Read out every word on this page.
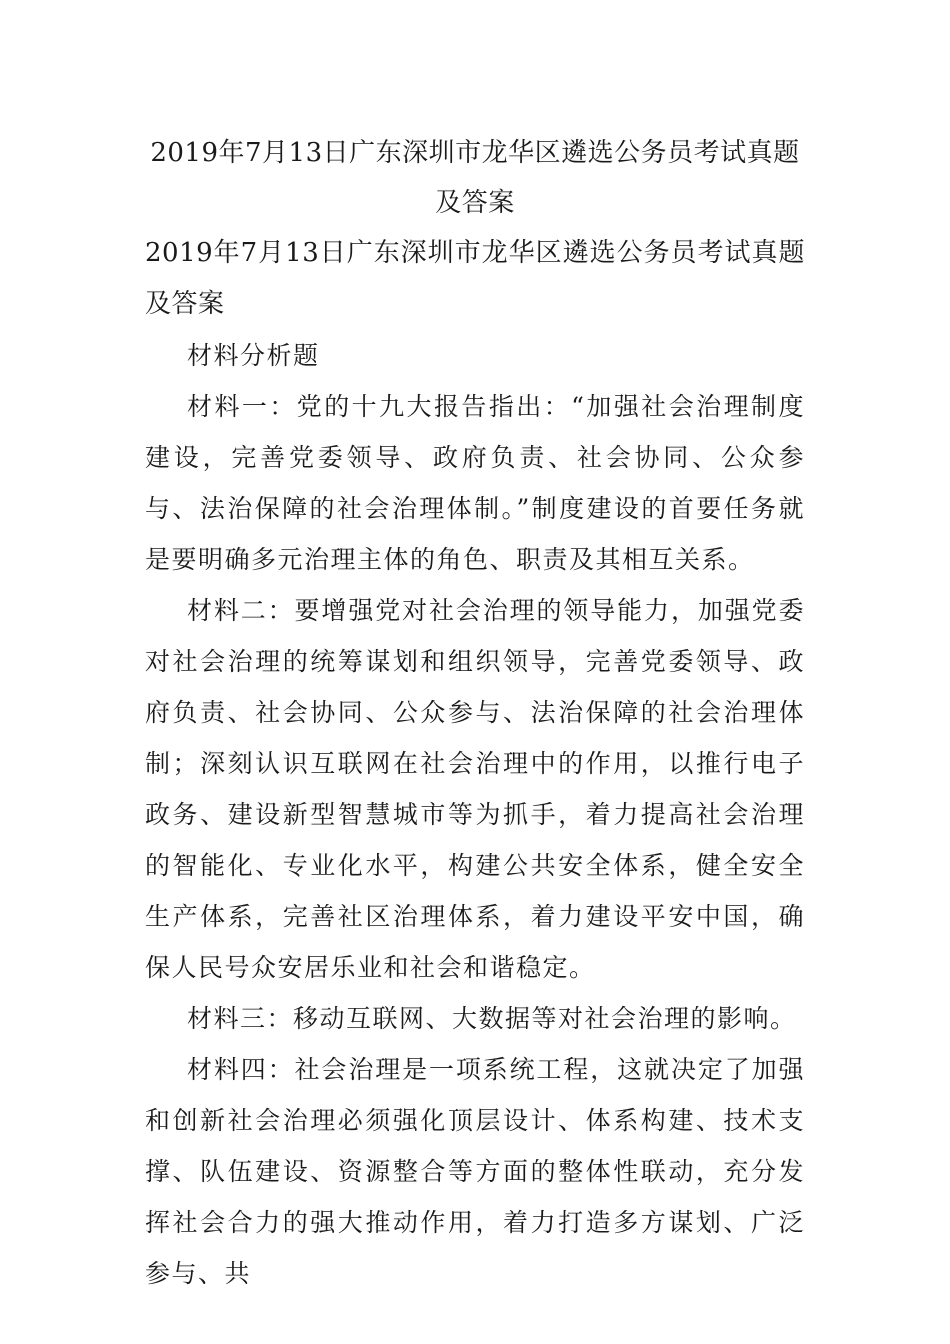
2019年7月13日广东深圳市龙华区遴选公务员考试真题及答案

2019年7月13日广东深圳市龙华区遴选公务员考试真题及答案

材料分析题

材料一：党的十九大报告指出：“加强社会治理制度建设，完善党委领导、政府负责、社会协同、公众参与、法治保障的社会治理体制。”制度建设的首要任务就是要明确多元治理主体的角色、职责及其相互关系。

材料二：要增强党对社会治理的领导能力，加强党委对社会治理的统筹谋划和组织领导，完善党委领导、政府负责、社会协同、公众参与、法治保障的社会治理体制；深刻认识互联网在社会治理中的作用，以推行电子政务、建设新型智慧城市等为抓手，着力提高社会治理的智能化、专业化水平，构建公共安全体系，健全安全生产体系，完善社区治理体系，着力建设平安中国，确保人民号众安居乐业和社会和谐稳定。

材料三：移动互联网、大数据等对社会治理的影响。

材料四：社会治理是一项系统工程，这就决定了加强和创新社会治理必须强化顶层设计、体系构建、技术支撑、队伍建设、资源整合等方面的整体性联动，充分发挥社会合力的强大推动作用，着力打造多方谋划、广泛参与、共
